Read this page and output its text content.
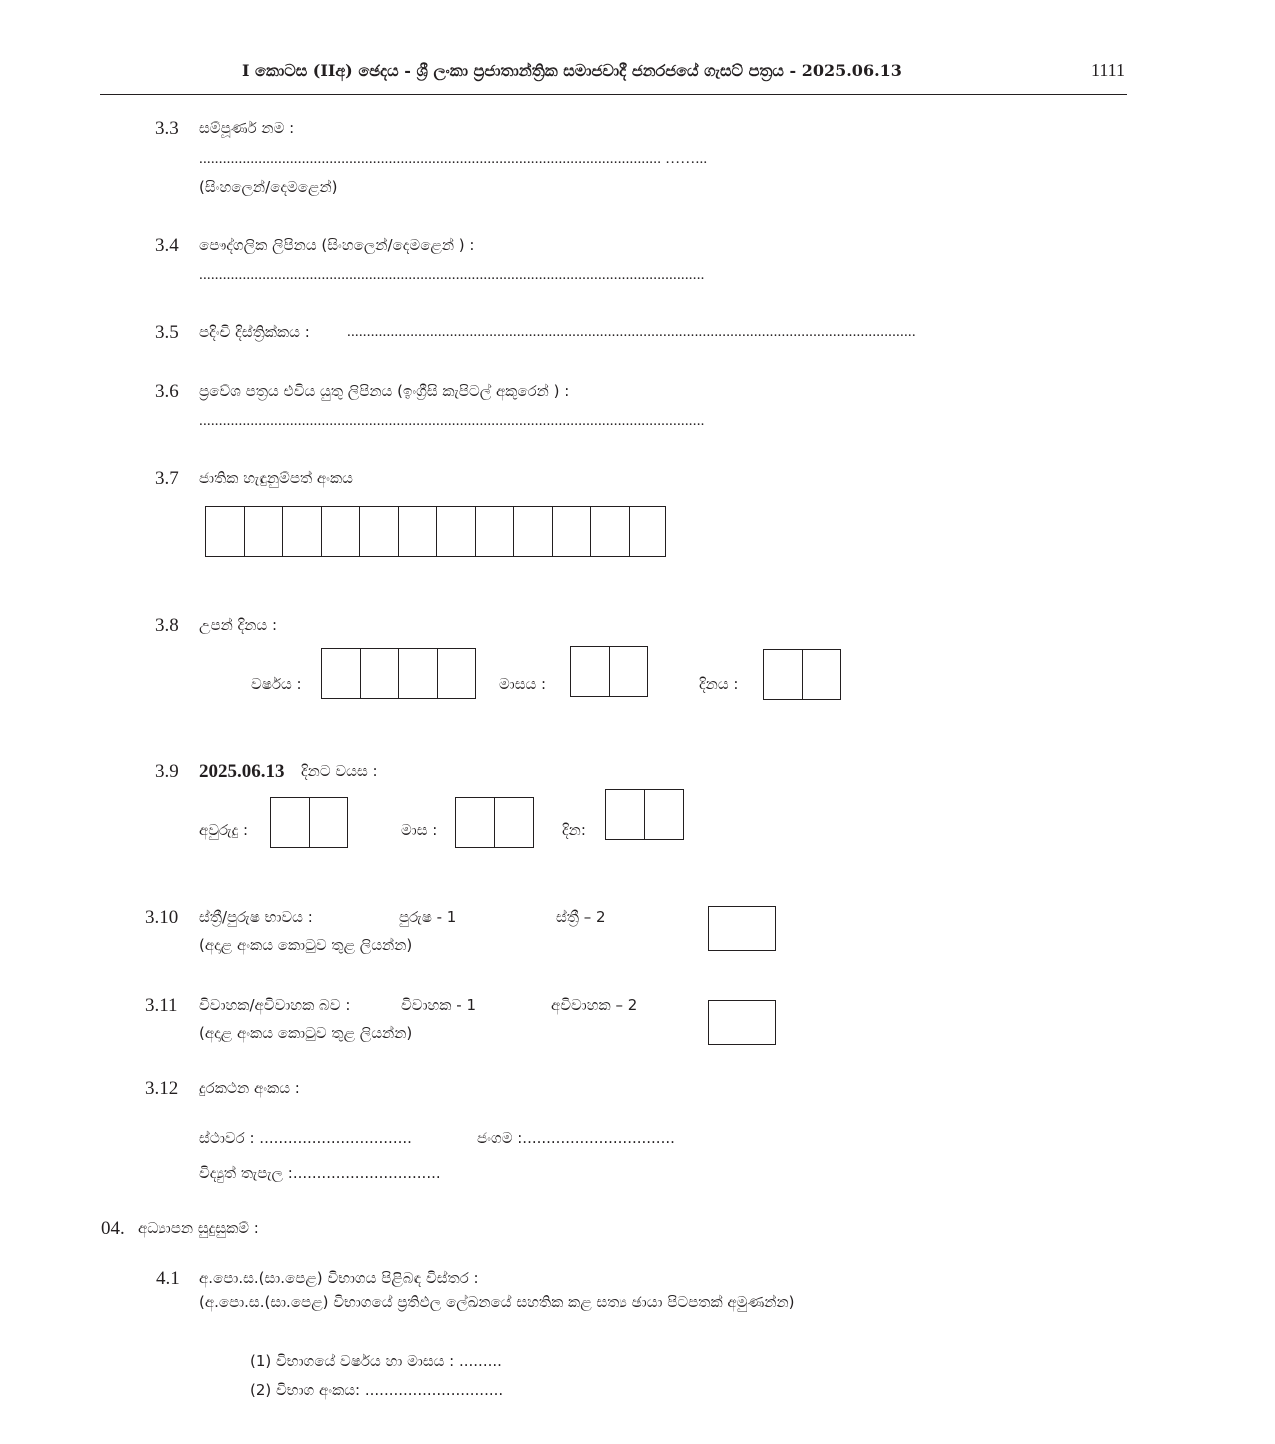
I කොටස (IIඅ) ඡෙදය - ශ්‍රී ලංකා ප්‍රජාතාන්ත්‍රික සමාජවාදී ජනරජයේ ගැසට් පත්‍රය - 2025.06.13	1111
3.3 සම්පූර්ණ නම :
..................................................................................................................... ……...
(සිංහලෙන්/දෙමළෙන්)
3.4 පෞද්ගලික ලිපිනය (සිංහලෙන්/දෙමළෙන් ) :
................................................................................................................................
3.5 පදිංචි දිස්ත්‍රික්කය : ................................................................................................................................................
3.6 ප්‍රවේශ පත්‍රය එවිය යුතු ලිපිනය (ඉංග්‍රීසි කැපිටල් අකුරෙන් ) :
................................................................................................................................
3.7 ජාතික හැඳුනුම්පත් අංකය
3.8 උපන් දිනය :
වර්ෂය :	මාසය :	දිනය :
3.9 2025.06.13 දිනට වයස :
අවුරුදු :	මාස :	දින:
3.10 ස්ත්‍රී/පුරුෂ භාවය :	පුරුෂ - 1	ස්ත්‍රී – 2
(අදාළ අංකය කොටුව තුළ ලියන්න)
3.11 විවාහක/අවිවාහක බව :	විවාහක - 1	අවිවාහක – 2
(අදාළ අංකය කොටුව තුළ ලියන්න)
3.12 දුරකථන අංකය :
ස්ථාවර : ................................	ජංගම :................................
විද්‍යුත් තැපැල :...............................
04. අධ්‍යාපන සුදුසුකම් :
4.1 අ.පො.ස.(සා.පෙළ) විභාගය පිළිබඳ විස්තර :
(අ.පො.ස.(සා.පෙළ) විභාගයේ ප්‍රතිඵල ලේඛනයේ සහතික කළ සත්‍ය ඡායා පිටපතක් අමුණන්න)
(1) විභාගයේ වර්ෂය හා මාසය : .........
(2) විභාග අංකය: .............................
